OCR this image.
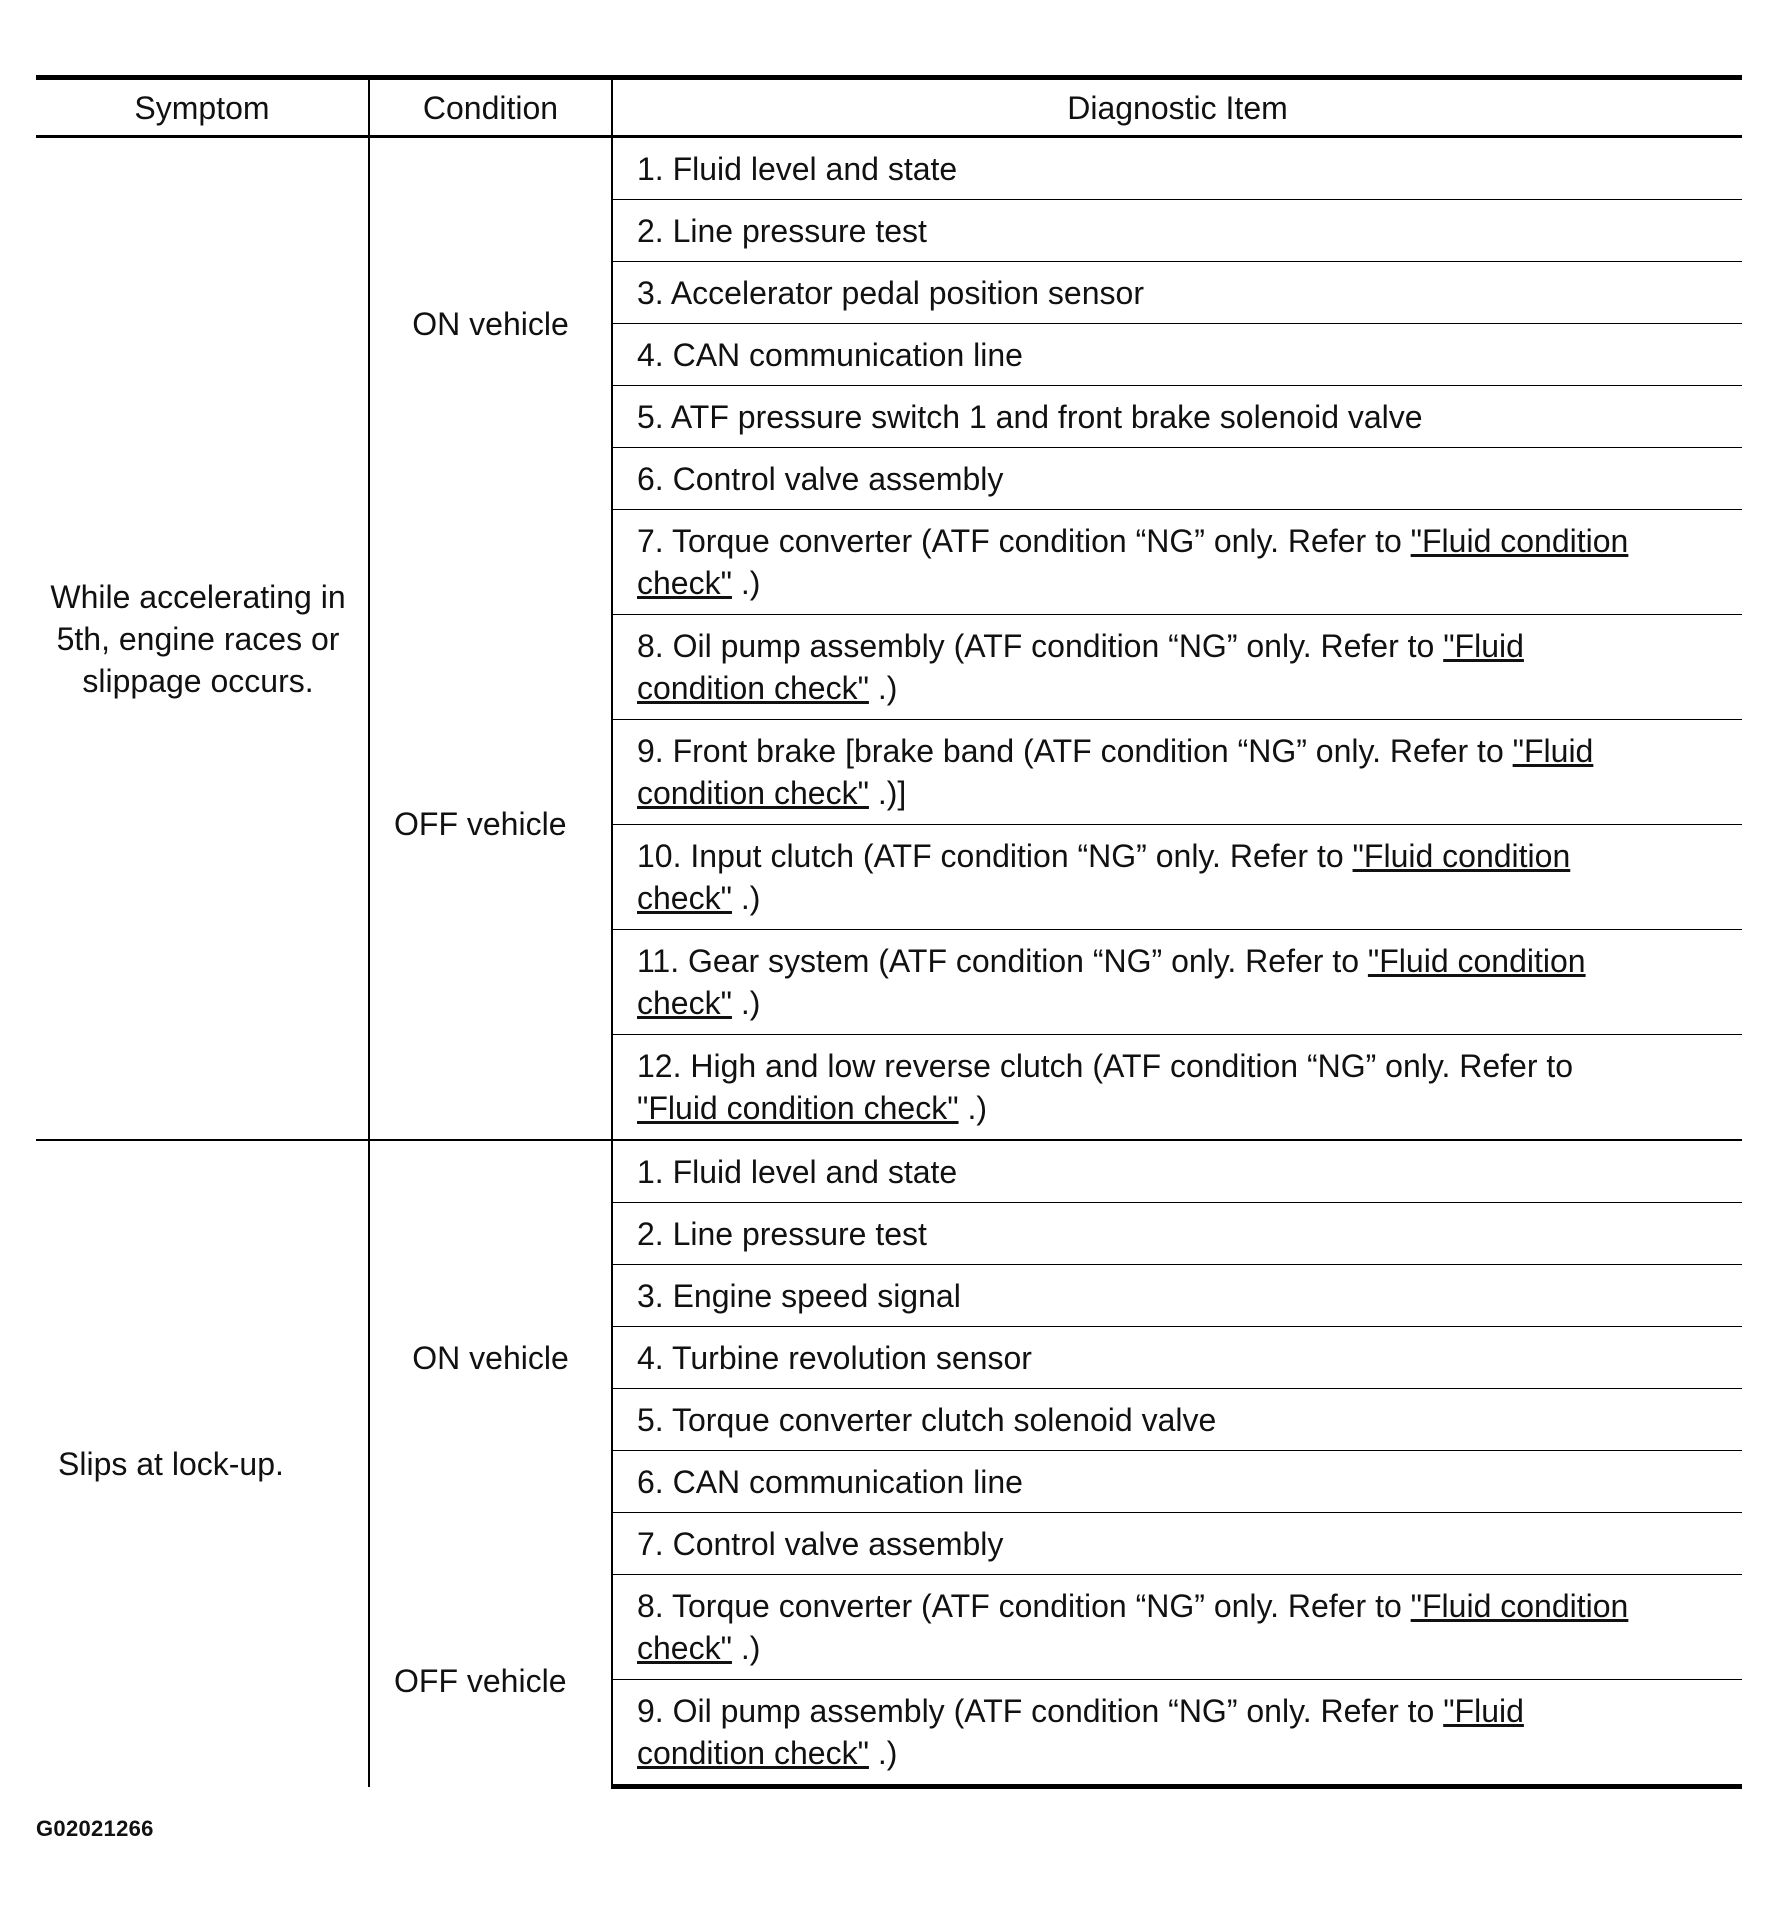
Symptom	Condition	Diagnostic Item
While accelerating in 5th, engine races or slippage occurs.	ON vehicle	1. Fluid level and state
		2. Line pressure test
		3. Accelerator pedal position sensor
		4. CAN communication line
		5. ATF pressure switch 1 and front brake solenoid valve
		6. Control valve assembly
	OFF vehicle	7. Torque converter (ATF condition “NG” only. Refer to "Fluid condition check" .)
		8. Oil pump assembly (ATF condition “NG” only. Refer to "Fluid condition check" .)
		9. Front brake [brake band (ATF condition “NG” only. Refer to "Fluid condition check" .)]
		10. Input clutch (ATF condition “NG” only. Refer to "Fluid condition check" .)
		11. Gear system (ATF condition “NG” only. Refer to "Fluid condition check" .)
		12. High and low reverse clutch (ATF condition “NG” only. Refer to "Fluid condition check" .)
Slips at lock-up.	ON vehicle	1. Fluid level and state
		2. Line pressure test
		3. Engine speed signal
		4. Turbine revolution sensor
		5. Torque converter clutch solenoid valve
		6. CAN communication line
		7. Control valve assembly
	OFF vehicle	8. Torque converter (ATF condition “NG” only. Refer to "Fluid condition check" .)
		9. Oil pump assembly (ATF condition “NG” only. Refer to "Fluid condition check" .)
G02021266
